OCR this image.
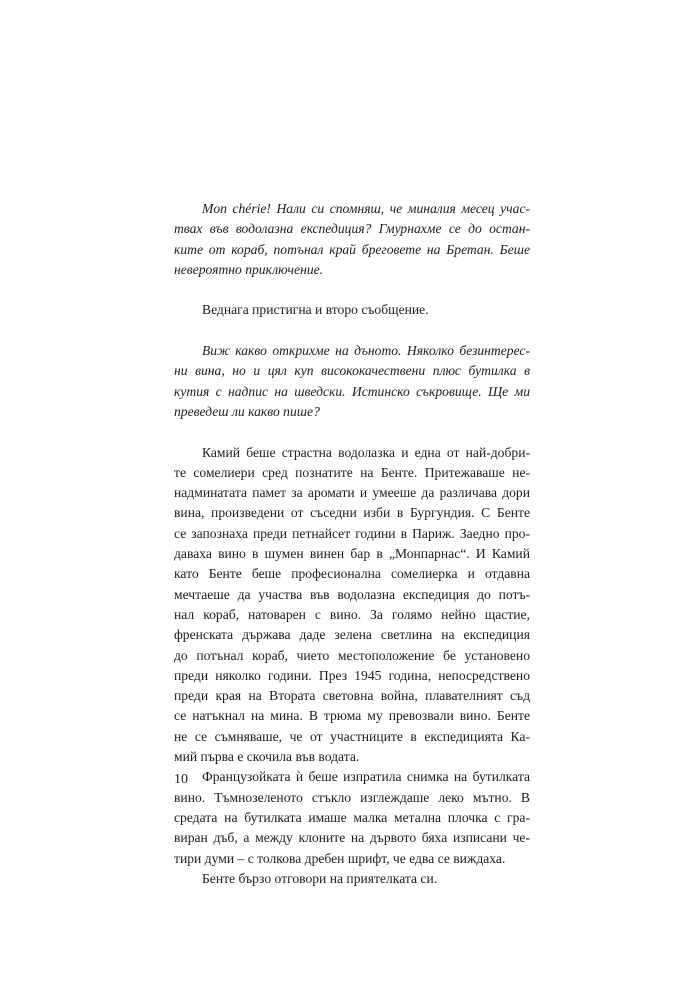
Mon chérie! Нали си спомняш, че миналия месец учас-
твах във водолазна експедиция? Гмурнахме се до остан-
ките от кораб, потънал край бреговете на Бретан. Беше
невероятно приключение.

Веднага пристигна и второ съобщение.

Виж какво открихме на дъното. Няколко безинтерес-
ни вина, но и цял куп висококачествени плюс бутилка в
кутия с надпис на шведски. Истинско съкровище. Ще ми
преведеш ли какво пише?

Камий беше страстна водолазка и една от най-добри-
те сомелиери сред познатите на Бенте. Притежаваше не-
надминатата памет за аромати и умееше да различава дори
вина, произведени от съседни изби в Бургундия. С Бенте
се запознаха преди петнайсет години в Париж. Заедно про-
даваха вино в шумен винен бар в „Монпарнас“. И Камий
като Бенте беше професионална сомелиерка и отдавна
мечтаеше да участва във водолазна експедиция до потъ-
нал кораб, натоварен с вино. За голямо нейно щастие,
френската държава даде зелена светлина на експедиция
до потънал кораб, чието местоположение бе установено
преди няколко години. През 1945 година, непосредствено
преди края на Втората световна война, плавателният съд
се натъкнал на мина. В трюма му превозвали вино. Бенте
не се съмняваше, че от участниците в експедицията Ка-
мий първа е скочила във водата.

Французойката ѝ беше изпратила снимка на бутилката
вино. Тъмнозеленото стъкло изглеждаше леко мътно. В
средата на бутилката имаше малка метална плочка с гра-
виран дъб, а между клоните на дървото бяха изписани че-
тири думи – с толкова дребен шрифт, че едва се виждаха.

Бенте бързо отговори на приятелката си.

10
